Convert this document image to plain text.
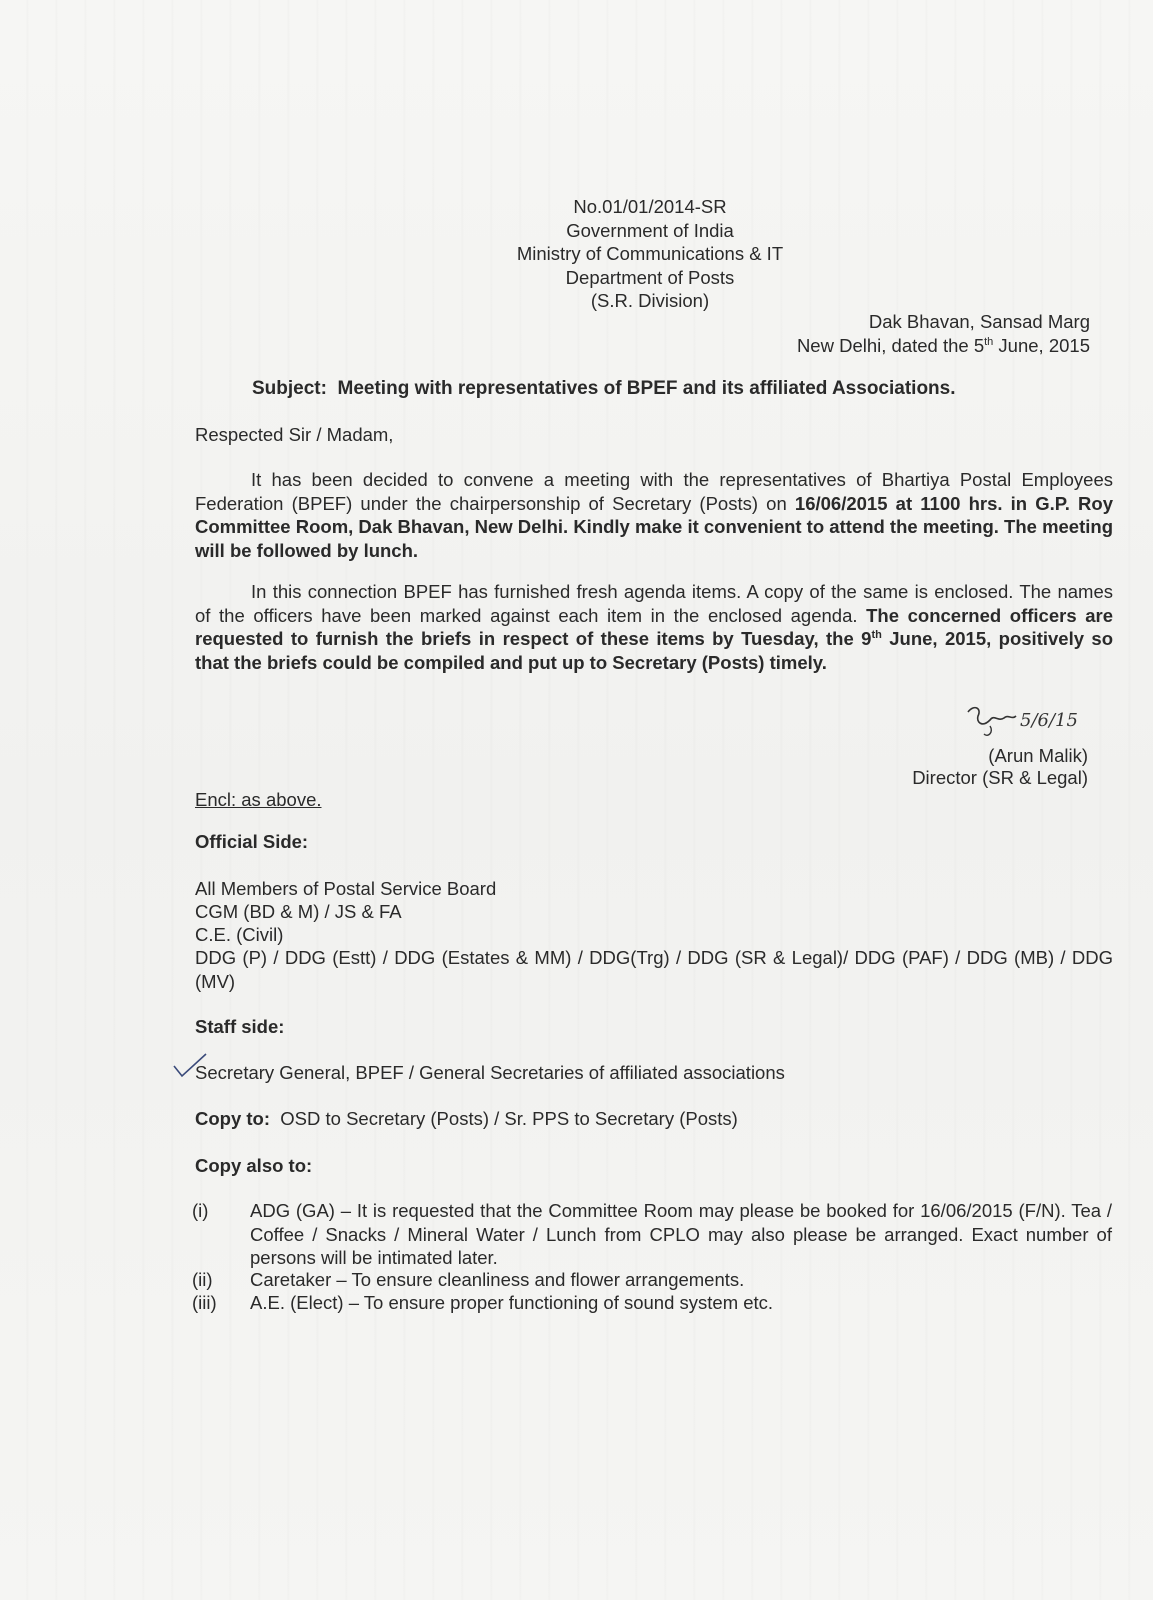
No.01/01/2014-SR
Government of India
Ministry of Communications & IT
Department of Posts
(S.R. Division)
Dak Bhavan, Sansad Marg
New Delhi, dated the 5th June, 2015
Subject: Meeting with representatives of BPEF and its affiliated Associations.
Respected Sir / Madam,
It has been decided to convene a meeting with the representatives of Bhartiya Postal Employees Federation (BPEF) under the chairpersonship of Secretary (Posts) on 16/06/2015 at 1100 hrs. in G.P. Roy Committee Room, Dak Bhavan, New Delhi. Kindly make it convenient to attend the meeting. The meeting will be followed by lunch.
In this connection BPEF has furnished fresh agenda items. A copy of the same is enclosed. The names of the officers have been marked against each item in the enclosed agenda. The concerned officers are requested to furnish the briefs in respect of these items by Tuesday, the 9th June, 2015, positively so that the briefs could be compiled and put up to Secretary (Posts) timely.
5/6/15
(Arun Malik)
Director (SR & Legal)
Encl: as above.
Official Side:
All Members of Postal Service Board
CGM (BD & M) / JS & FA
C.E. (Civil)
DDG (P) / DDG (Estt) / DDG (Estates & MM) / DDG(Trg) / DDG (SR & Legal)/ DDG (PAF) / DDG (MB) / DDG (MV)
Staff side:
Secretary General, BPEF / General Secretaries of affiliated associations
Copy to: OSD to Secretary (Posts) / Sr. PPS to Secretary (Posts)
Copy also to:
(i) ADG (GA) – It is requested that the Committee Room may please be booked for 16/06/2015 (F/N). Tea / Coffee / Snacks / Mineral Water / Lunch from CPLO may also please be arranged. Exact number of persons will be intimated later.
(ii) Caretaker – To ensure cleanliness and flower arrangements.
(iii) A.E. (Elect) – To ensure proper functioning of sound system etc.
